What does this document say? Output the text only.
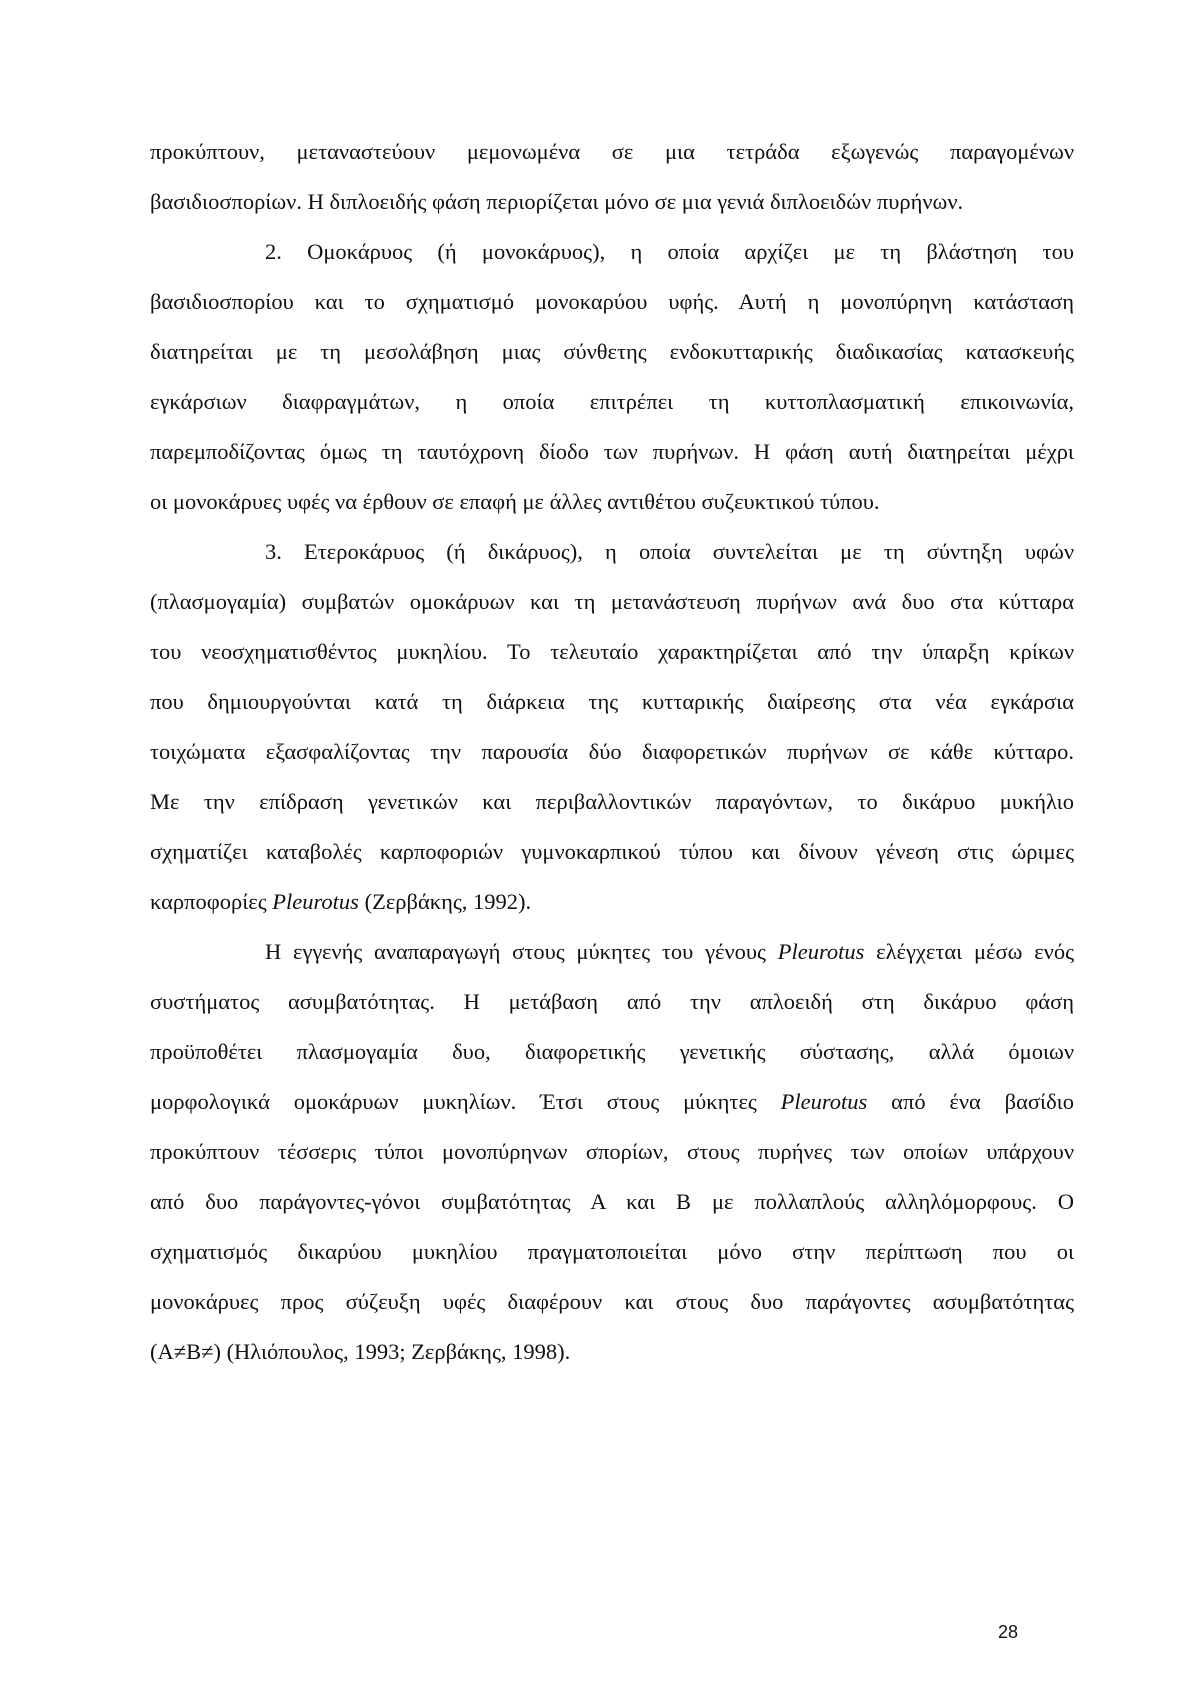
προκύπτουν, μεταναστεύουν μεμονωμένα σε μια τετράδα εξωγενώς παραγομένων
βασιδιοσπορίων. Η διπλοειδής φάση περιορίζεται μόνο σε μια γενιά διπλοειδών πυρήνων.
2. Ομοκάρυος (ή μονοκάρυος), η οποία αρχίζει με τη βλάστηση του
βασιδιοσπορίου και το σχηματισμό μονοκαρύου υφής. Αυτή η μονοπύρηνη κατάσταση
διατηρείται με τη μεσολάβηση μιας σύνθετης ενδοκυτταρικής διαδικασίας κατασκευής
εγκάρσιων διαφραγμάτων, η οποία επιτρέπει τη κυττοπλασματική επικοινωνία,
παρεμποδίζοντας όμως τη ταυτόχρονη δίοδο των πυρήνων. Η φάση αυτή διατηρείται μέχρι
οι μονοκάρυες υφές να έρθουν σε επαφή με άλλες αντιθέτου συζευκτικού τύπου.
3. Ετεροκάρυος (ή δικάρυος), η οποία συντελείται με τη σύντηξη υφών
(πλασμογαμία) συμβατών ομοκάρυων και τη μετανάστευση πυρήνων ανά δυο στα κύτταρα
του νεοσχηματισθέντος μυκηλίου. Το τελευταίο χαρακτηρίζεται από την ύπαρξη κρίκων
που δημιουργούνται κατά τη διάρκεια της κυτταρικής διαίρεσης στα νέα εγκάρσια
τοιχώματα εξασφαλίζοντας την παρουσία δύο διαφορετικών πυρήνων σε κάθε κύτταρο.
Με την επίδραση γενετικών και περιβαλλοντικών παραγόντων, το δικάρυο μυκήλιο
σχηματίζει καταβολές καρποφοριών γυμνοκαρπικού τύπου και δίνουν γένεση στις ώριμες
καρποφορίες Pleurotus (Ζερβάκης, 1992).
Η εγγενής αναπαραγωγή στους μύκητες του γένους Pleurotus ελέγχεται μέσω ενός
συστήματος ασυμβατότητας. Η μετάβαση από την απλοειδή στη δικάρυο φάση
προϋποθέτει πλασμογαμία δυο, διαφορετικής γενετικής σύστασης, αλλά όμοιων
μορφολογικά ομοκάρυων μυκηλίων. Έτσι στους μύκητες Pleurotus από ένα βασίδιο
προκύπτουν τέσσερις τύποι μονοπύρηνων σπορίων, στους πυρήνες των οποίων υπάρχουν
από δυο παράγοντες-γόνοι συμβατότητας Α και Β με πολλαπλούς αλληλόμορφους. Ο
σχηματισμός δικαρύου μυκηλίου πραγματοποιείται μόνο στην περίπτωση που οι
μονοκάρυες προς σύζευξη υφές διαφέρουν και στους δυο παράγοντες ασυμβατότητας
(Α≠Β≠) (Ηλιόπουλος, 1993; Ζερβάκης, 1998).
28
